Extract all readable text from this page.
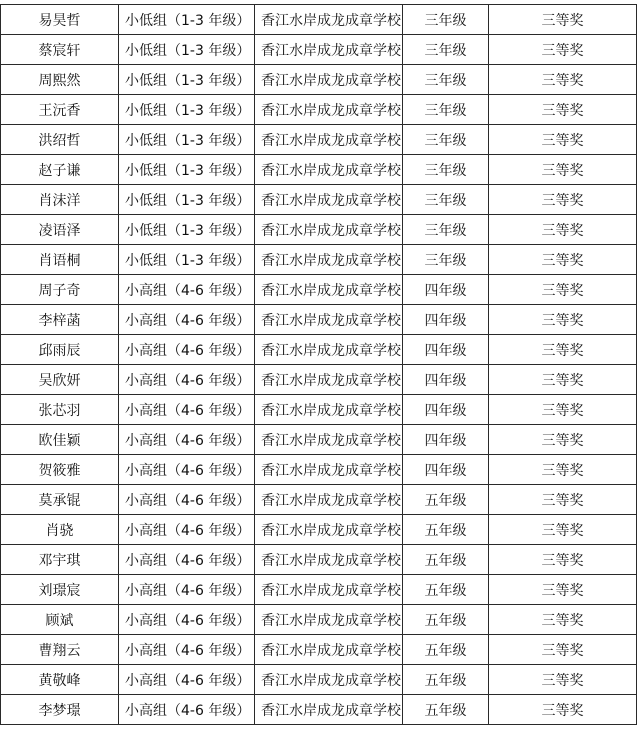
易昊哲	小低组（1-3 年级）	香江水岸成龙成章学校	三年级	三等奖
蔡宸轩	小低组（1-3 年级）	香江水岸成龙成章学校	三年级	三等奖
周熙然	小低组（1-3 年级）	香江水岸成龙成章学校	三年级	三等奖
王沅香	小低组（1-3 年级）	香江水岸成龙成章学校	三年级	三等奖
洪绍哲	小低组（1-3 年级）	香江水岸成龙成章学校	三年级	三等奖
赵子谦	小低组（1-3 年级）	香江水岸成龙成章学校	三年级	三等奖
肖沫洋	小低组（1-3 年级）	香江水岸成龙成章学校	三年级	三等奖
凌语泽	小低组（1-3 年级）	香江水岸成龙成章学校	三年级	三等奖
肖语桐	小低组（1-3 年级）	香江水岸成龙成章学校	三年级	三等奖
周子奇	小高组（4-6 年级）	香江水岸成龙成章学校	四年级	三等奖
李梓菡	小高组（4-6 年级）	香江水岸成龙成章学校	四年级	三等奖
邱雨辰	小高组（4-6 年级）	香江水岸成龙成章学校	四年级	三等奖
吴欣妍	小高组（4-6 年级）	香江水岸成龙成章学校	四年级	三等奖
张芯羽	小高组（4-6 年级）	香江水岸成龙成章学校	四年级	三等奖
欧佳颖	小高组（4-6 年级）	香江水岸成龙成章学校	四年级	三等奖
贺筱雅	小高组（4-6 年级）	香江水岸成龙成章学校	四年级	三等奖
莫承锟	小高组（4-6 年级）	香江水岸成龙成章学校	五年级	三等奖
肖骁	小高组（4-6 年级）	香江水岸成龙成章学校	五年级	三等奖
邓宇琪	小高组（4-6 年级）	香江水岸成龙成章学校	五年级	三等奖
刘璟宸	小高组（4-6 年级）	香江水岸成龙成章学校	五年级	三等奖
顾斌	小高组（4-6 年级）	香江水岸成龙成章学校	五年级	三等奖
曹翔云	小高组（4-6 年级）	香江水岸成龙成章学校	五年级	三等奖
黄敬峰	小高组（4-6 年级）	香江水岸成龙成章学校	五年级	三等奖
李梦璟	小高组（4-6 年级）	香江水岸成龙成章学校	五年级	三等奖
